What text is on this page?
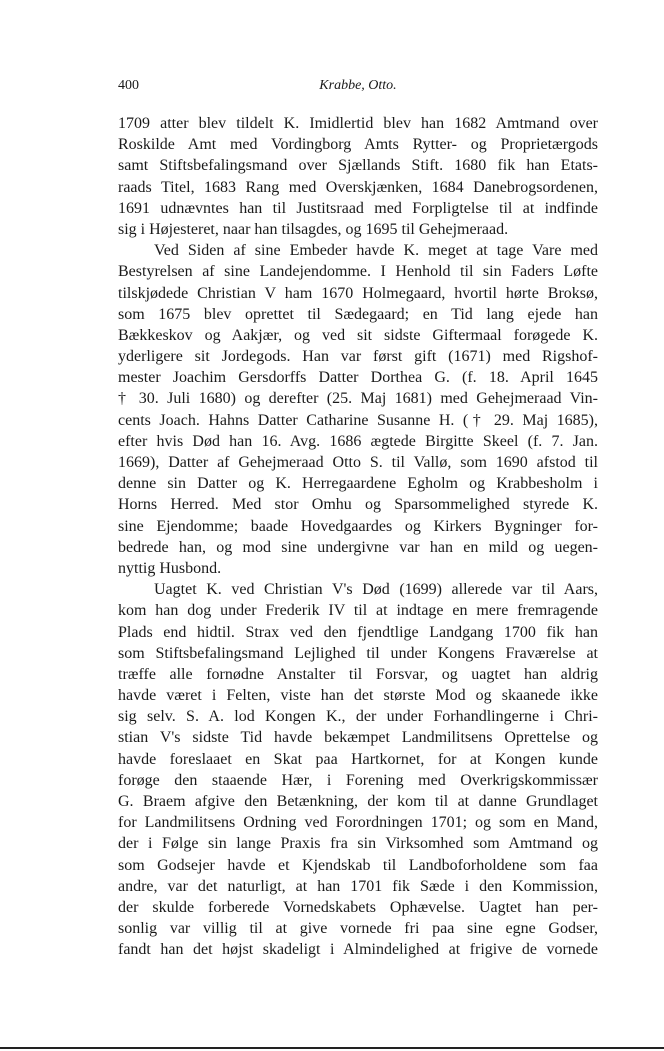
400	Krabbe, Otto.
1709 atter blev tildelt K. Imidlertid blev han 1682 Amtmand over
Roskilde Amt med Vordingborg Amts Rytter- og Proprietærgods
samt Stiftsbefalingsmand over Sjællands Stift. 1680 fik han Etats-
raads Titel, 1683 Rang med Overskjænken, 1684 Danebrogsordenen,
1691 udnævntes han til Justitsraad med Forpligtelse til at indfinde
sig i Højesteret, naar han tilsagdes, og 1695 til Gehejmeraad.
Ved Siden af sine Embeder havde K. meget at tage Vare med
Bestyrelsen af sine Landejendomme. I Henhold til sin Faders Løfte
tilskjødede Christian V ham 1670 Holmegaard, hvortil hørte Broksø,
som 1675 blev oprettet til Sædegaard; en Tid lang ejede han
Bækkeskov og Aakjær, og ved sit sidste Giftermaal forøgede K.
yderligere sit Jordegods. Han var først gift (1671) med Rigshof-
mester Joachim Gersdorffs Datter Dorthea G. (f. 18. April 1645
† 30. Juli 1680) og derefter (25. Maj 1681) med Gehejmeraad Vin-
cents Joach. Hahns Datter Catharine Susanne H. († 29. Maj 1685),
efter hvis Død han 16. Avg. 1686 ægtede Birgitte Skeel (f. 7. Jan.
1669), Datter af Gehejmeraad Otto S. til Vallø, som 1690 afstod til
denne sin Datter og K. Herregaardene Egholm og Krabbesholm i
Horns Herred. Med stor Omhu og Sparsommelighed styrede K.
sine Ejendomme; baade Hovedgaardes og Kirkers Bygninger for-
bedrede han, og mod sine undergivne var han en mild og uegen-
nyttig Husbond.
Uagtet K. ved Christian V's Død (1699) allerede var til Aars,
kom han dog under Frederik IV til at indtage en mere fremragende
Plads end hidtil. Strax ved den fjendtlige Landgang 1700 fik han
som Stiftsbefalingsmand Lejlighed til under Kongens Fraværelse at
træffe alle fornødne Anstalter til Forsvar, og uagtet han aldrig
havde været i Felten, viste han det største Mod og skaanede ikke
sig selv. S. A. lod Kongen K., der under Forhandlingerne i Chri-
stian V's sidste Tid havde bekæmpet Landmilitsens Oprettelse og
havde foreslaaet en Skat paa Hartkornet, for at Kongen kunde
forøge den staaende Hær, i Forening med Overkrigskommissær
G. Braem afgive den Betænkning, der kom til at danne Grundlaget
for Landmilitsens Ordning ved Forordningen 1701; og som en Mand,
der i Følge sin lange Praxis fra sin Virksomhed som Amtmand og
som Godsejer havde et Kjendskab til Landboforholdene som faa
andre, var det naturligt, at han 1701 fik Sæde i den Kommission,
der skulde forberede Vornedskabets Ophævelse. Uagtet han per-
sonlig var villig til at give vornede fri paa sine egne Godser,
fandt han det højst skadeligt i Almindelighed at frigive de vornede
